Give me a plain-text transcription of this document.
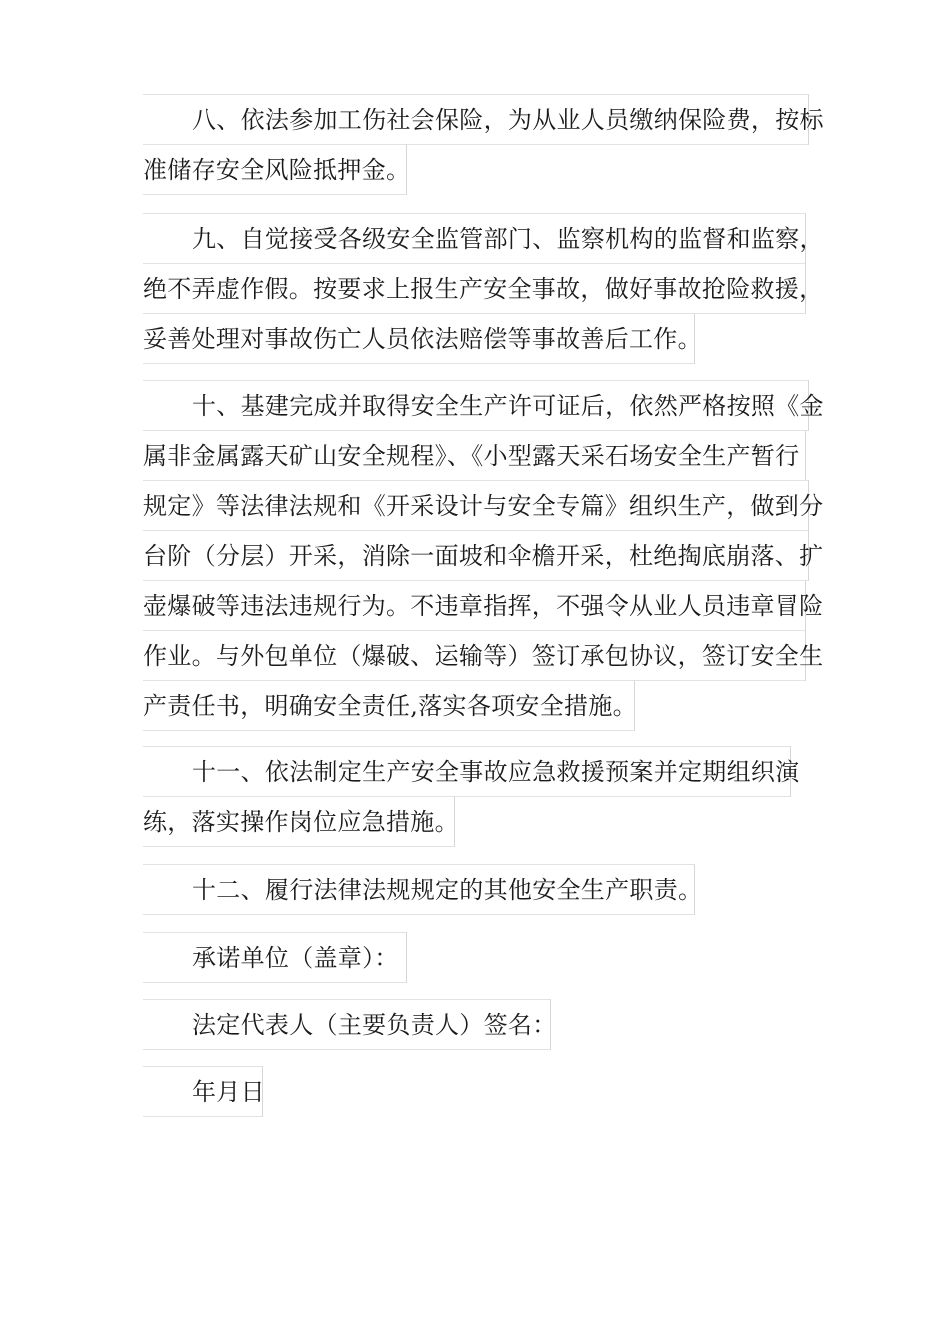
八、依法参加工伤社会保险，为从业人员缴纳保险费，按标
准储存安全风险抵押金。
九、自觉接受各级安全监管部门、监察机构的监督和监察，
绝不弄虚作假。按要求上报生产安全事故，做好事故抢险救援，
妥善处理对事故伤亡人员依法赔偿等事故善后工作。
十、基建完成并取得安全生产许可证后，依然严格按照《金
属非金属露天矿山安全规程》、《小型露天采石场安全生产暂行
规定》等法律法规和《开采设计与安全专篇》组织生产，做到分
台阶（分层）开采，消除一面坡和伞檐开采，杜绝掏底崩落、扩
壶爆破等违法违规行为。不违章指挥，不强令从业人员违章冒险
作业。与外包单位（爆破、运输等）签订承包协议，签订安全生
产责任书，明确安全责任,落实各项安全措施。
十一、依法制定生产安全事故应急救援预案并定期组织演
练，落实操作岗位应急措施。
十二、履行法律法规规定的其他安全生产职责。
承诺单位（盖章）：
法定代表人（主要负责人）签名：
年月日
